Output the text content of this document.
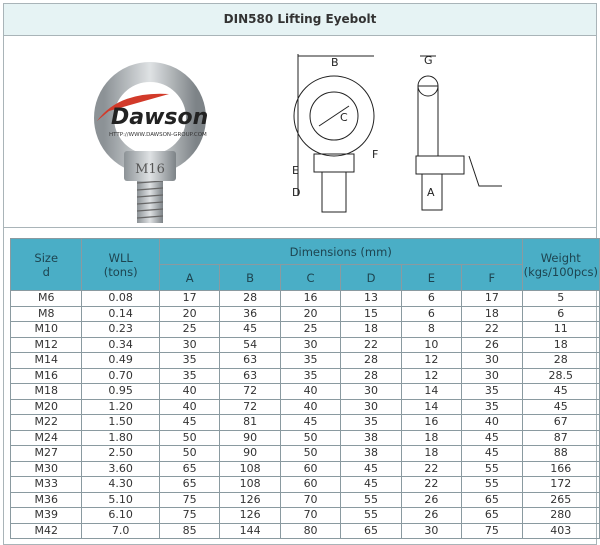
DIN580 Lifting Eyebolt
M16
Dawson
HTTP://WWW.DAWSON-GROUP.COM
B
C
F
E
D
G
A
Size
d	WLL
(tons)	Dimensions (mm)						Weight
(kgs/100pcs)
		A	B	C	D	E	F	
M6	0.08	17	28	16	13	6	17	5
M8	0.14	20	36	20	15	6	18	6
M10	0.23	25	45	25	18	8	22	11
M12	0.34	30	54	30	22	10	26	18
M14	0.49	35	63	35	28	12	30	28
M16	0.70	35	63	35	28	12	30	28.5
M18	0.95	40	72	40	30	14	35	45
M20	1.20	40	72	40	30	14	35	45
M22	1.50	45	81	45	35	16	40	67
M24	1.80	50	90	50	38	18	45	87
M27	2.50	50	90	50	38	18	45	88
M30	3.60	65	108	60	45	22	55	166
M33	4.30	65	108	60	45	22	55	172
M36	5.10	75	126	70	55	26	65	265
M39	6.10	75	126	70	55	26	65	280
M42	7.0	85	144	80	65	30	75	403
